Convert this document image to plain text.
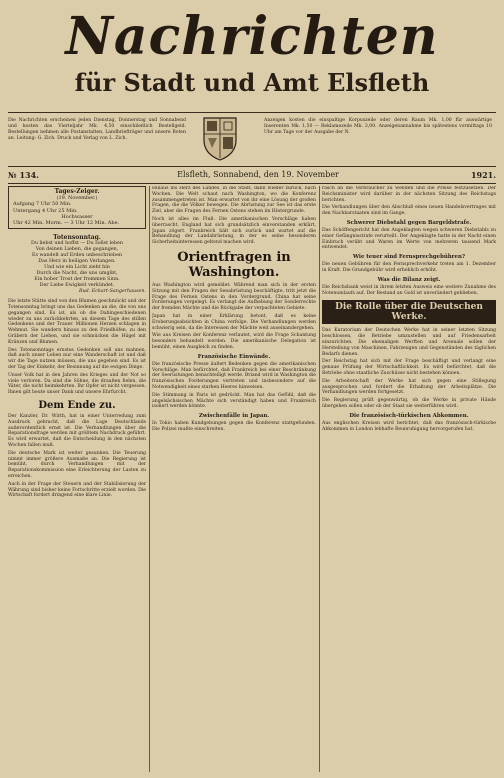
Nachrichten
für Stadt und Amt Elsfleth
Die Nachrichten erscheinen jeden Dienstag, Donnerstag und Sonnabend und kosten das Vierteljahr Mk. 4,50 einschließlich Bestellgeld. Bestellungen nehmen alle Postanstalten, Landbriefträger und unsere Boten an. Leitung: G. Zich. Druck und Verlag von L. Zich.
Anzeigen kosten die einspaltige Korpuszeile oder deren Raum Mk. 1,00 für auswärtige Inserenten Mk. 1,50 — Reklamezeile Mk. 3,00. Anzeigenannahme bis spätestens vormittags 10 Uhr am Tage vor der Ausgabe der N.
№ 134.	Elsfleth, Sonnabend, den 19. November	1921.
Tages-Zeiger.
(19. November.)
Aufgang 7 Uhr 50 Min.
Untergang 4 Uhr 25 Min.
Hochwasser
Uhr 42 Min. Morm. — 3 Uhr 12 Min. Abe.
Totensonntag.
Du liebst und hoffst — Du sollst leben
Von deinen Lieben, die gegangen,
Es wandelt auf Erden unbeschrieben
Das Herz in heiligen Verlangen.
Und wie ein Licht zieht hin
Durch die Nacht, die uns umgibt,
Ein hoher Trost der frommen Sinn.
Der Liebe Ewigkeit verkündet.
Rud. Eckart-Sangerhausen.

Die letzte Stätte sind von den Blumen geschmückt und der Totensonntag bringt uns das Gedenken an die, die von uns gegangen sind. Es ist, als ob die Dahingeschiedenen wieder zu uns zurückkehrten, an diesem Tage des stillen Gedenkens und der Trauer. Millionen Herzen schlagen in Wehmut. Sie wandern hinaus zu den Friedhöfen, zu den Gräbern der Lieben, und sie schmücken die Hügel mit Kränzen und Blumen.

Des Totensonntags ernstes Gedenken soll uns mahnen, daß auch unser Leben nur eine Wanderschaft ist und daß wir die Tage nutzen müssen, die uns gegeben sind. Es ist der Tag der Einkehr, der Besinnung auf die ewigen Dinge.

Unser Volk hat in den Jahren des Krieges und der Not so viele verloren. Da sind die Söhne, die draußen fielen, die Väter, die nicht heimkehrten. Ihr Opfer ist nicht vergessen. Ihnen gilt heute unser Dank und unsere Ehrfurcht.

Dem Ende zu.

Der Kanzler, Dr. Wirth, hat in einer Unterredung zum Ausdruck gebracht, daß die Lage Deutschlands außerordentlich ernst ist. Die Verhandlungen über die Reparationsfrage werden mit größtem Nachdruck geführt. Es wird erwartet, daß die Entscheidung in den nächsten Wochen fallen muß.

Die deutsche Mark ist weiter gesunken. Die Teuerung nimmt immer größere Ausmaße an. Die Regierung ist bemüht, durch Verhandlungen mit der Reparationskommission eine Erleichterung der Lasten zu erreichen.

Auch in der Frage der Steuern und der Stabilisierung der Währung sind bisher keine Fortschritte erzielt worden. Die Wirtschaft fordert dringend eine klare Linie.

Hinaus ins Herz des Landes, in die Stadt, dann wieder zurück, nach Wochen. Die Welt schaut nach Washington, wo die Konferenz zusammengetreten ist. Man erwartet von ihr eine Lösung der großen Fragen, die die Völker bewegen. Die Abrüstung zur See ist das erste Ziel, aber die Fragen des Fernen Ostens stehen im Hintergrunde.

Noch ist alles im Fluß. Die amerikanischen Vorschläge haben überrascht. England hat sich grundsätzlich einverstanden erklärt, Japan zögert. Frankreich hält sich zurück und wartet auf die Behandlung der Landabrüstung, in der es seine besonderen Sicherheitsinteressen geltend machen wird.

Orientfragen in Washington.

Aus Washington wird gemeldet: Während man sich in der ersten Sitzung mit den Fragen der Seeabrüstung beschäftigte, tritt jetzt die Frage des Fernen Ostens in den Vordergrund. China hat seine Forderungen vorgelegt. Es verlangt die Aufhebung der Sonderrechte der fremden Mächte und die Rückgabe der verpachteten Gebiete.

Japan hat in einer Erklärung betont, daß es keine Eroberungsabsichten in China verfolge. Die Verhandlungen werden schwierig sein, da die Interessen der Mächte weit auseinandergehen.

Wie aus Kreisen der Konferenz verlautet, wird die Frage Schantung besonders behandelt werden. Die amerikanische Delegation ist bemüht, einen Ausgleich zu finden.

Französische Einwände.

Die französische Presse äußert Bedenken gegen die amerikanischen Vorschläge. Man befürchtet, daß Frankreich bei einer Beschränkung der Seerüstungen benachteiligt werde. Briand wird in Washington die französischen Forderungen vertreten und insbesondere auf die Notwendigkeit eines starken Heeres hinweisen.

Die Stimmung in Paris ist gedrückt. Man hat das Gefühl, daß die angelsächsischen Mächte sich verständigt haben und Frankreich isoliert werden könnte.

Zwischenfälle in Japan.

In Tokio haben Kundgebungen gegen die Konferenz stattgefunden. Die Polizei mußte einschreiten.

rasch an die Verbraucher zu wenden und die Preise festzusetzen. Der Reichsminister wird darüber in der nächsten Sitzung des Reichstags berichten.

Die Verhandlungen über den Abschluß eines neuen Handelsvertrages mit den Nachbarstaaten sind im Gange.

Schwerer Diebstahl gegen Bargeldstrafe.

Das Schöffengericht hat den Angeklagten wegen schweren Diebstahls zu einer Gefängnisstrafe verurteilt. Der Angeklagte hatte in der Nacht einen Einbruch verübt und Waren im Werte von mehreren tausend Mark entwendet.

Wie teuer sind Fernsprechgebühren?

Die neuen Gebühren für den Fernsprechverkehr treten am 1. Dezember in Kraft. Die Grundgebühr wird erheblich erhöht.

Was die Bilanz zeigt.

Die Reichsbank weist in ihrem letzten Ausweis eine weitere Zunahme des Notenumlaufs auf. Der Bestand an Gold ist unverändert geblieben.

Die Rolle über die Deutschen Werke.

Das Kuratorium der Deutschen Werke hat in seiner letzten Sitzung beschlossen, die Betriebe umzustellen und auf Friedensarbeit einzurichten. Die ehemaligen Werften und Arsenale sollen der Herstellung von Maschinen, Fahrzeugen und Gegenständen des täglichen Bedarfs dienen.

Der Reichstag hat sich mit der Frage beschäftigt und verlangt eine genaue Prüfung der Wirtschaftlichkeit. Es wird befürchtet, daß die Betriebe ohne staatliche Zuschüsse nicht bestehen können.

Die Arbeiterschaft der Werke hat sich gegen eine Stillegung ausgesprochen und fordert die Erhaltung der Arbeitsplätze. Die Verhandlungen werden fortgesetzt.

Die Regierung prüft gegenwärtig, ob die Werke in private Hände übergehen sollen oder ob der Staat sie weiterführen wird.

Die französisch-türkischen Abkommen.

Aus englischen Kreisen wird berichtet, daß das französisch-türkische Abkommen in London lebhafte Beunruhigung hervorgerufen hat.
